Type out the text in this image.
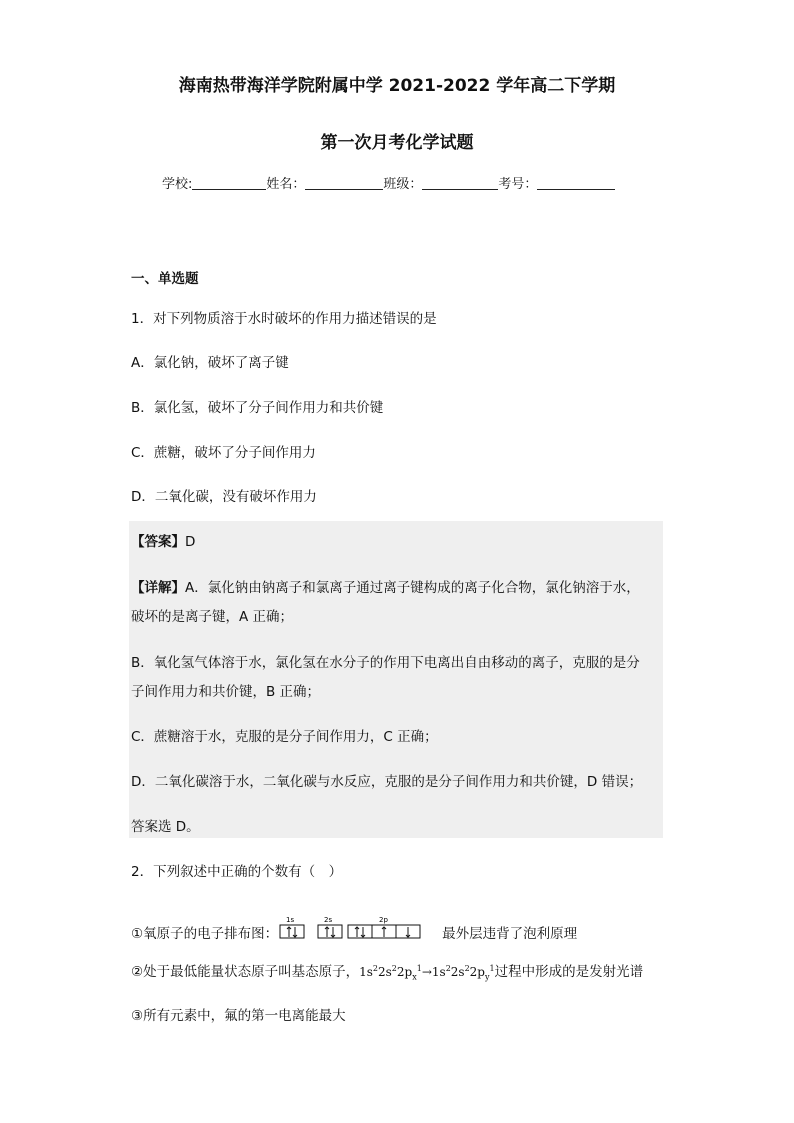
海南热带海洋学院附属中学 2021-2022 学年高二下学期
第一次月考化学试题
学校:	姓名：	班级：	考号：
一、单选题
1．对下列物质溶于水时破坏的作用力描述错误的是
A．氯化钠，破坏了离子键
B．氯化氢，破坏了分子间作用力和共价键
C．蔗糖，破坏了分子间作用力
D．二氧化碳，没有破坏作用力
【答案】D
【详解】A．氯化钠由钠离子和氯离子通过离子键构成的离子化合物，氯化钠溶于水，
破坏的是离子键，A 正确；
B．氧化氢气体溶于水，氯化氢在水分子的作用下电离出自由移动的离子，克服的是分
子间作用力和共价键，B 正确；
C．蔗糖溶于水，克服的是分子间作用力，C 正确；
D．二氧化碳溶于水，二氧化碳与水反应，克服的是分子间作用力和共价键，D 错误；
答案选 D。
2．下列叙述中正确的个数有（　）
①氧原子的电子排布图：
1s	2s	2p
最外层违背了泡利原理
②处于最低能量状态原子叫基态原子，$1s^22s^22p_x^1\to 1s^22s^22p_y^1$过程中形成的是发射光谱
③所有元素中，氟的第一电离能最大
